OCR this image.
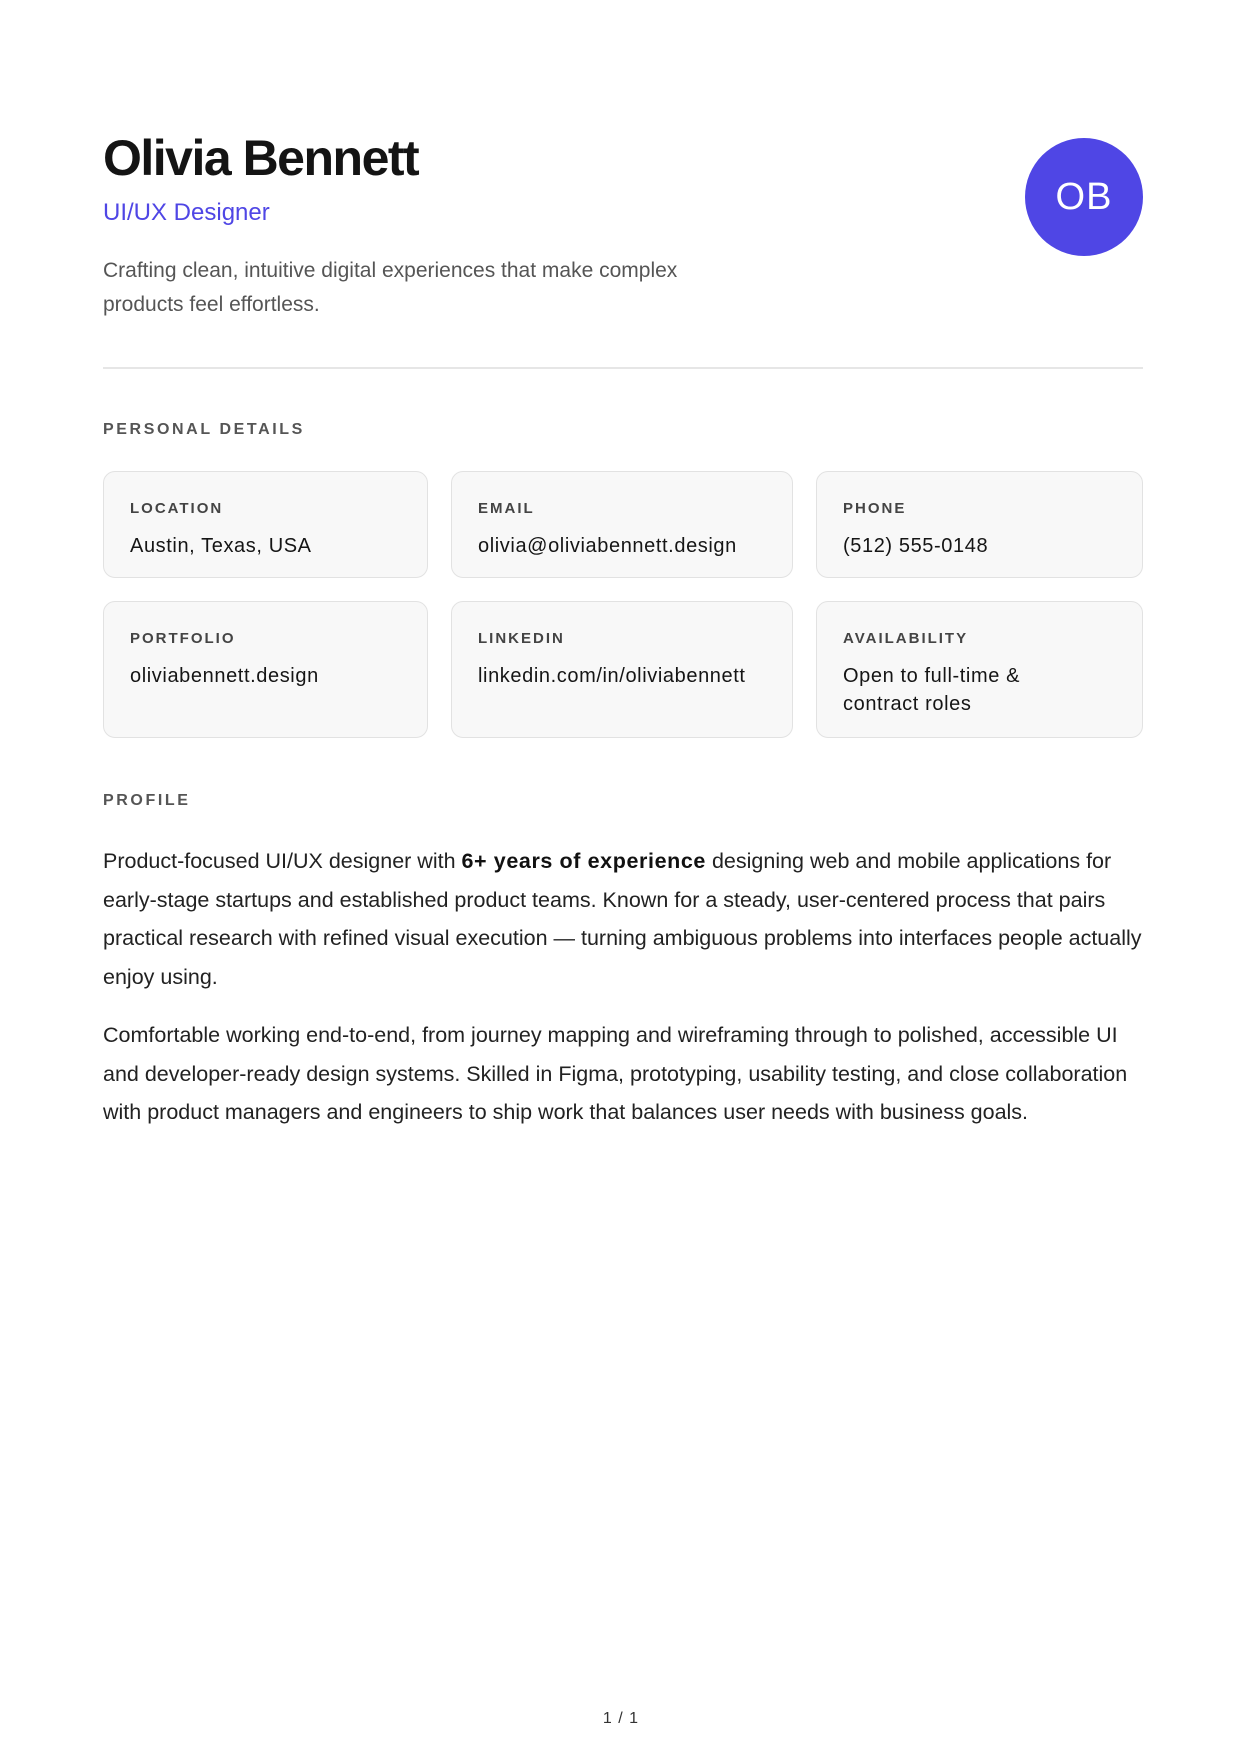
Olivia Bennett
UI/UX Designer
Crafting clean, intuitive digital experiences that make complex products feel effortless.
OB
PERSONAL DETAILS
LOCATION
Austin, Texas, USA
EMAIL
olivia@oliviabennett.design
PHONE
(512) 555-0148
PORTFOLIO
oliviabennett.design
LINKEDIN
linkedin.com/in/oliviabennett
AVAILABILITY
Open to full-time & contract roles
PROFILE

Product-focused UI/UX designer with 6+ years of experience designing web and mobile applications for early-stage startups and established product teams. Known for a steady, user-centered process that pairs practical research with refined visual execution — turning ambiguous problems into interfaces people actually enjoy using.

Comfortable working end-to-end, from journey mapping and wireframing through to polished, accessible UI and developer-ready design systems. Skilled in Figma, prototyping, usability testing, and close collaboration with product managers and engineers to ship work that balances user needs with business goals.

1 / 1
